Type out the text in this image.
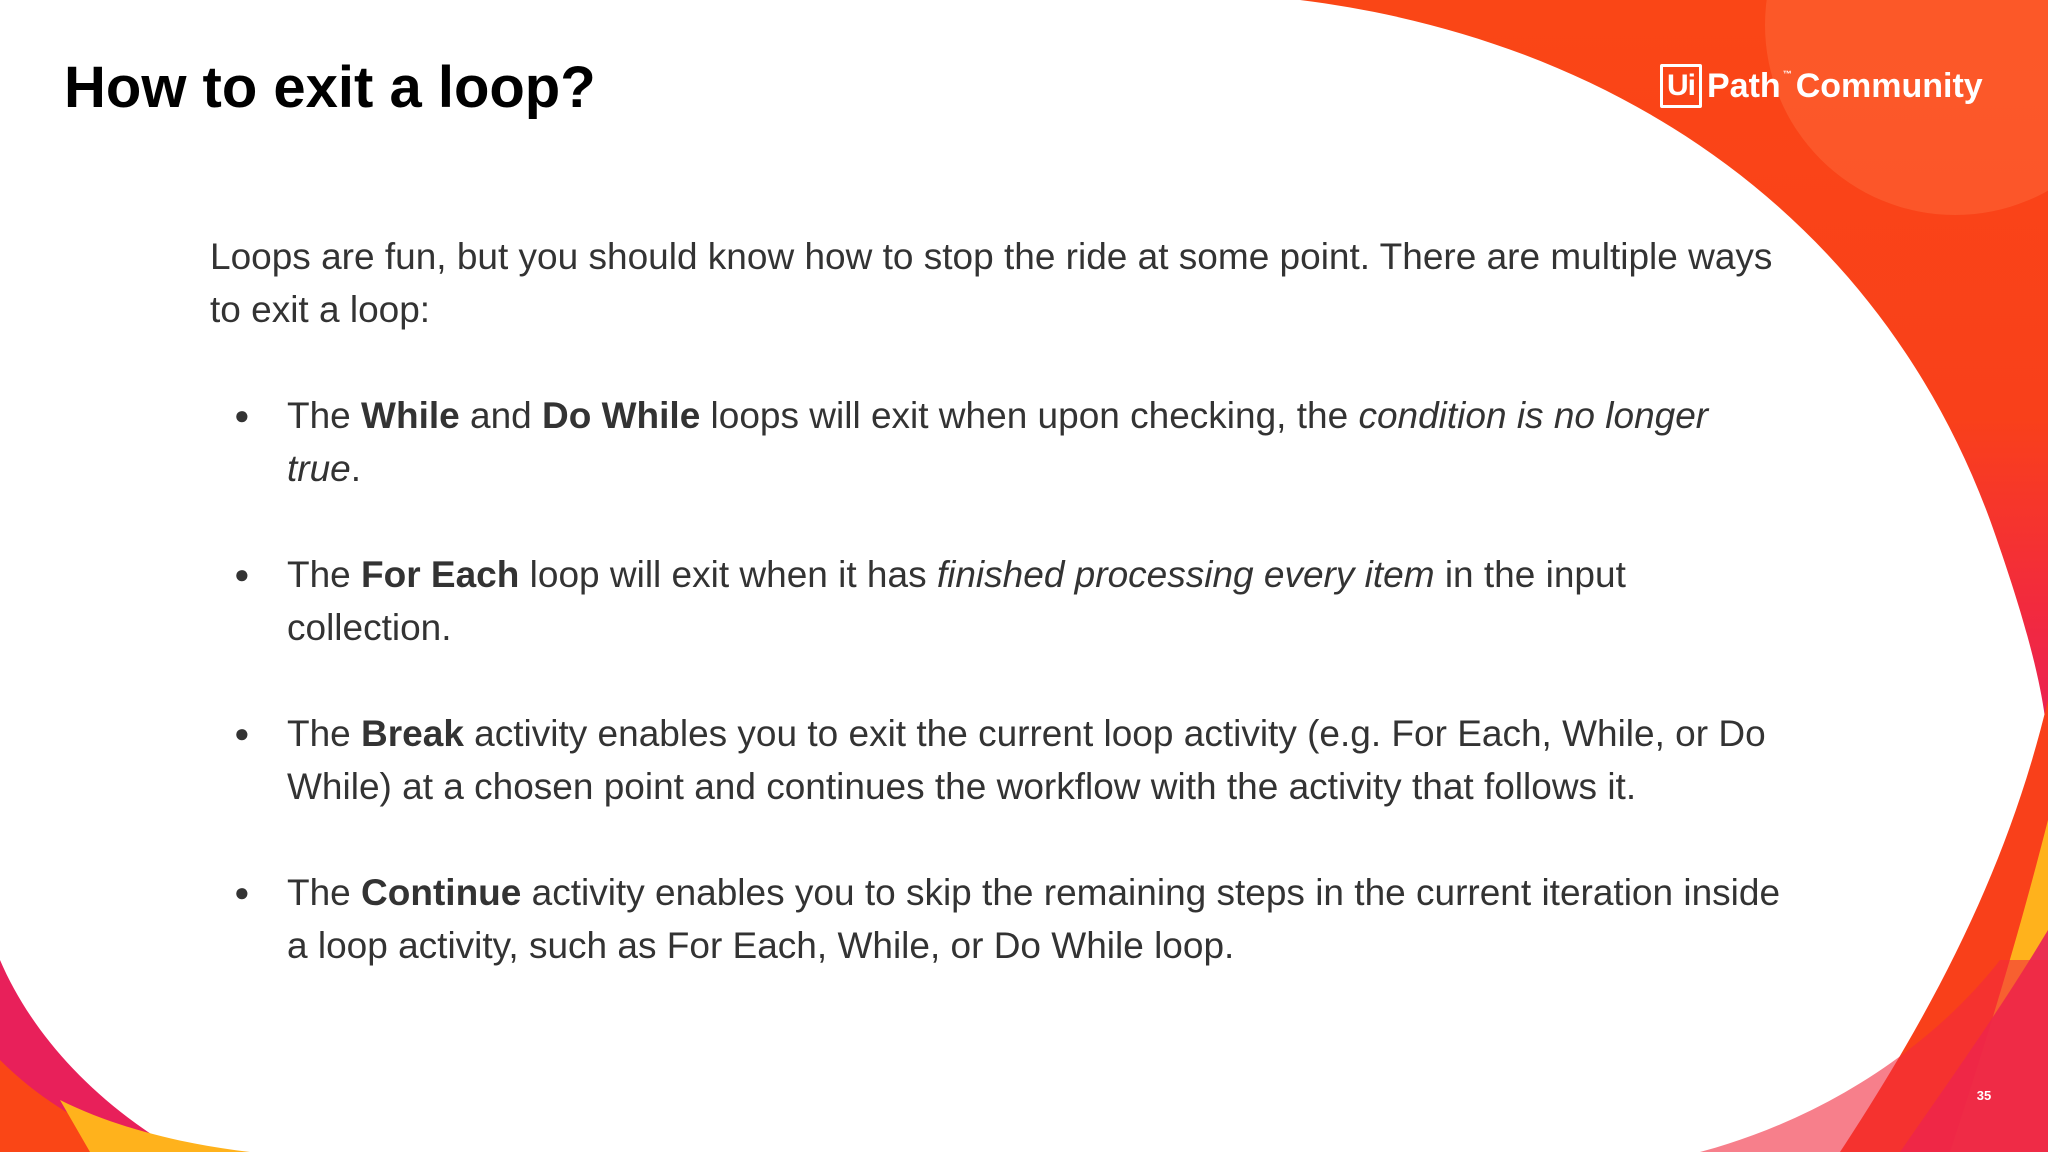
How to exit a loop?	Ui Path ™ Community

Loops are fun, but you should know how to stop the ride at some point. There are multiple ways to exit a loop:

● The While and Do While loops will exit when upon checking, the condition is no longer true.
● The For Each loop will exit when it has finished processing every item in the input collection.
● The Break activity enables you to exit the current loop activity (e.g. For Each, While, or Do While) at a chosen point and continues the workflow with the activity that follows it.
● The Continue activity enables you to skip the remaining steps in the current iteration inside a loop activity, such as For Each, While, or Do While loop.
35
